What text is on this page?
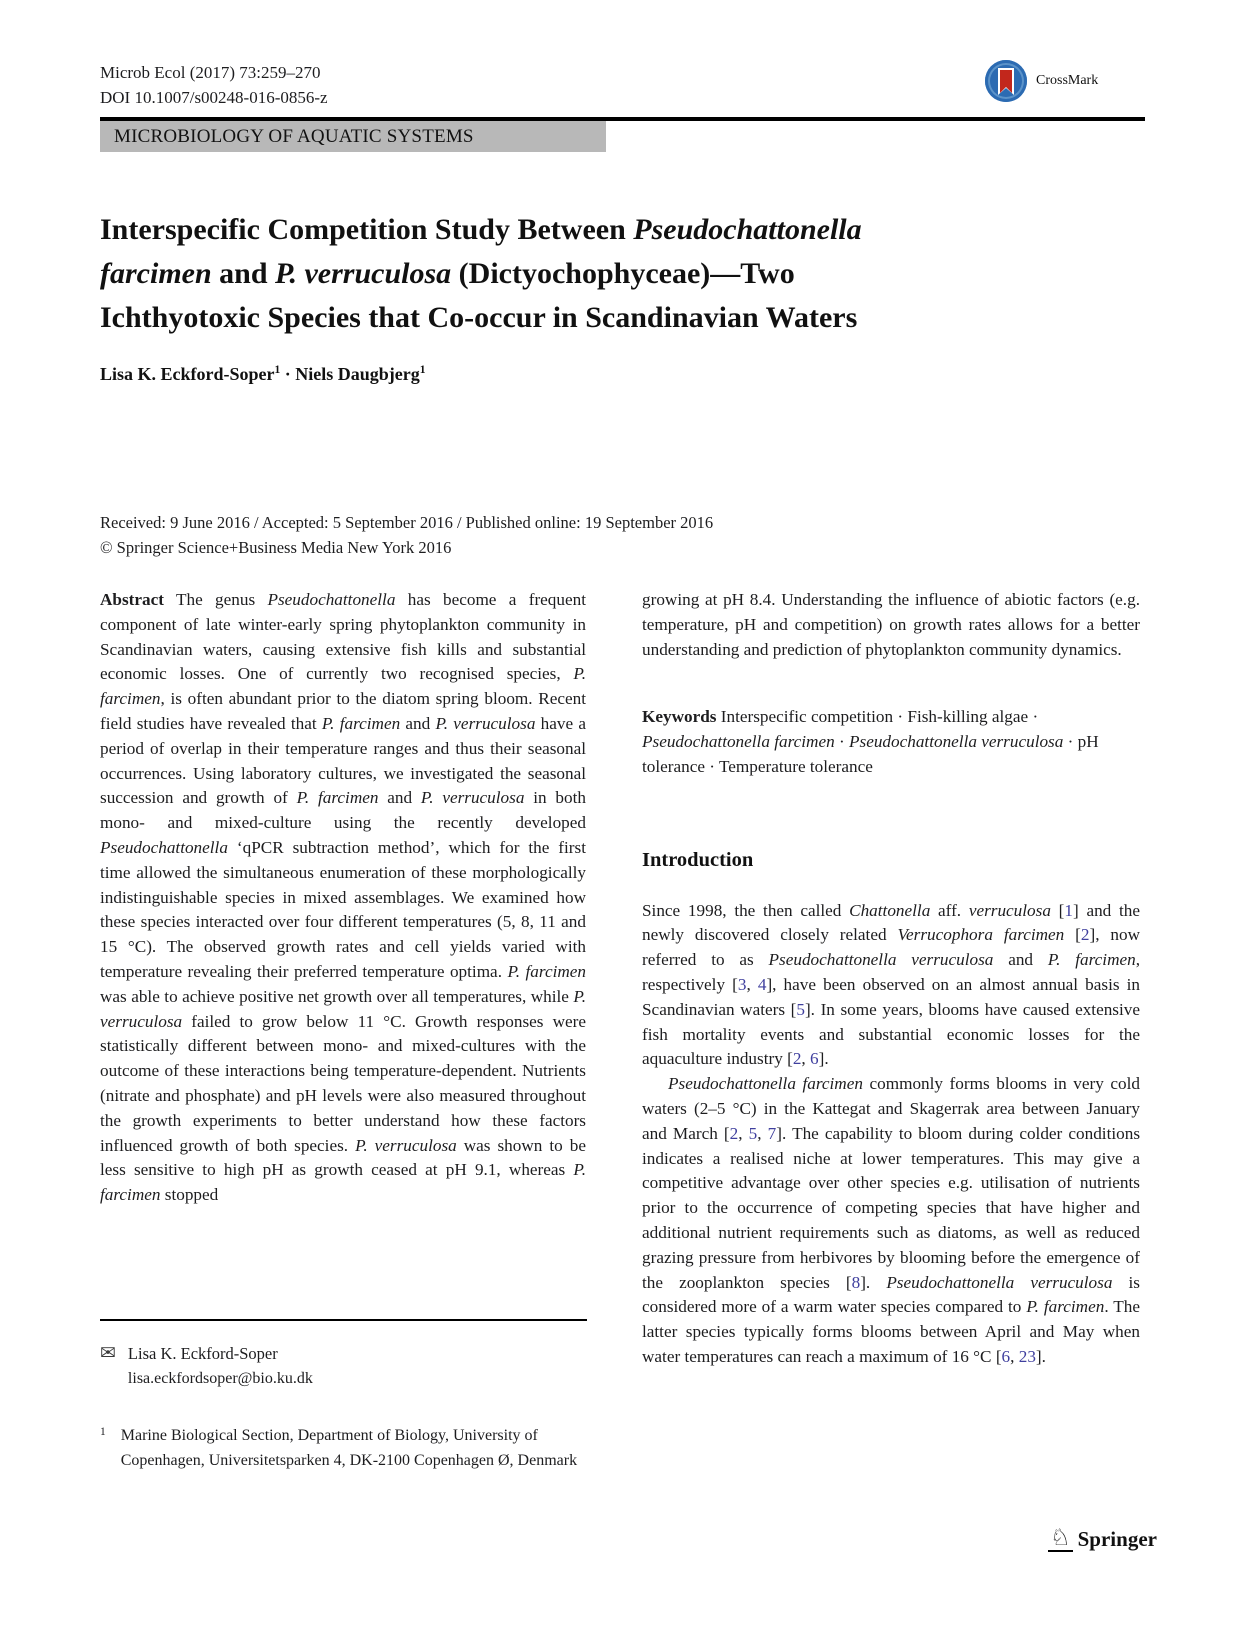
Microb Ecol (2017) 73:259–270
DOI 10.1007/s00248-016-0856-z
CrossMark
MICROBIOLOGY OF AQUATIC SYSTEMS
Interspecific Competition Study Between Pseudochattonella
farcimen and P. verruculosa (Dictyochophyceae)—Two
Ichthyotoxic Species that Co-occur in Scandinavian Waters
Lisa K. Eckford-Soper$^1$ · Niels Daugbjerg$^1$
Received: 9 June 2016 / Accepted: 5 September 2016 / Published online: 19 September 2016
© Springer Science+Business Media New York 2016

Abstract The genus Pseudochattonella has become a frequent component of late winter-early spring phytoplankton community in Scandinavian waters, causing extensive fish kills and substantial economic losses. One of currently two recognised species, P. farcimen, is often abundant prior to the diatom spring bloom. Recent field studies have revealed that P. farcimen and P. verruculosa have a period of overlap in their temperature ranges and thus their seasonal occurrences. Using laboratory cultures, we investigated the seasonal succession and growth of P. farcimen and P. verruculosa in both mono- and mixed-culture using the recently developed Pseudochattonella ‘qPCR subtraction method’, which for the first time allowed the simultaneous enumeration of these morphologically indistinguishable species in mixed assemblages. We examined how these species interacted over four different temperatures (5, 8, 11 and 15 °C). The observed growth rates and cell yields varied with temperature revealing their preferred temperature optima. P. farcimen was able to achieve positive net growth over all temperatures, while P. verruculosa failed to grow below 11 °C. Growth responses were statistically different between mono- and mixed-cultures with the outcome of these interactions being temperature-dependent. Nutrients (nitrate and phosphate) and pH levels were also measured throughout the growth experiments to better understand how these factors influenced growth of both species. P. verruculosa was shown to be less sensitive to high pH as growth ceased at pH 9.1, whereas P. farcimen stopped

growing at pH 8.4. Understanding the influence of abiotic factors (e.g. temperature, pH and competition) on growth rates allows for a better understanding and prediction of phytoplankton community dynamics.

Keywords Interspecific competition · Fish-killing algae · Pseudochattonella farcimen · Pseudochattonella verruculosa · pH tolerance · Temperature tolerance

Introduction

Since 1998, the then called Chattonella aff. verruculosa [1] and the newly discovered closely related Verrucophora farcimen [2], now referred to as Pseudochattonella verruculosa and P. farcimen, respectively [3, 4], have been observed on an almost annual basis in Scandinavian waters [5]. In some years, blooms have caused extensive fish mortality events and substantial economic losses for the aquaculture industry [2, 6].

Pseudochattonella farcimen commonly forms blooms in very cold waters (2–5 °C) in the Kattegat and Skagerrak area between January and March [2, 5, 7]. The capability to bloom during colder conditions indicates a realised niche at lower temperatures. This may give a competitive advantage over other species e.g. utilisation of nutrients prior to the occurrence of competing species that have higher and additional nutrient requirements such as diatoms, as well as reduced grazing pressure from herbivores by blooming before the emergence of the zooplankton species [8]. Pseudochattonella verruculosa is considered more of a warm water species compared to P. farcimen. The latter species typically forms blooms between April and May when water temperatures can reach a maximum of 16 °C [6, 23].

✉ Lisa K. Eckford-Soper
lisa.eckfordsoper@bio.ku.dk
1 Marine Biological Section, Department of Biology, University of Copenhagen, Universitetsparken 4, DK-2100 Copenhagen Ø, Denmark
♘ Springer
